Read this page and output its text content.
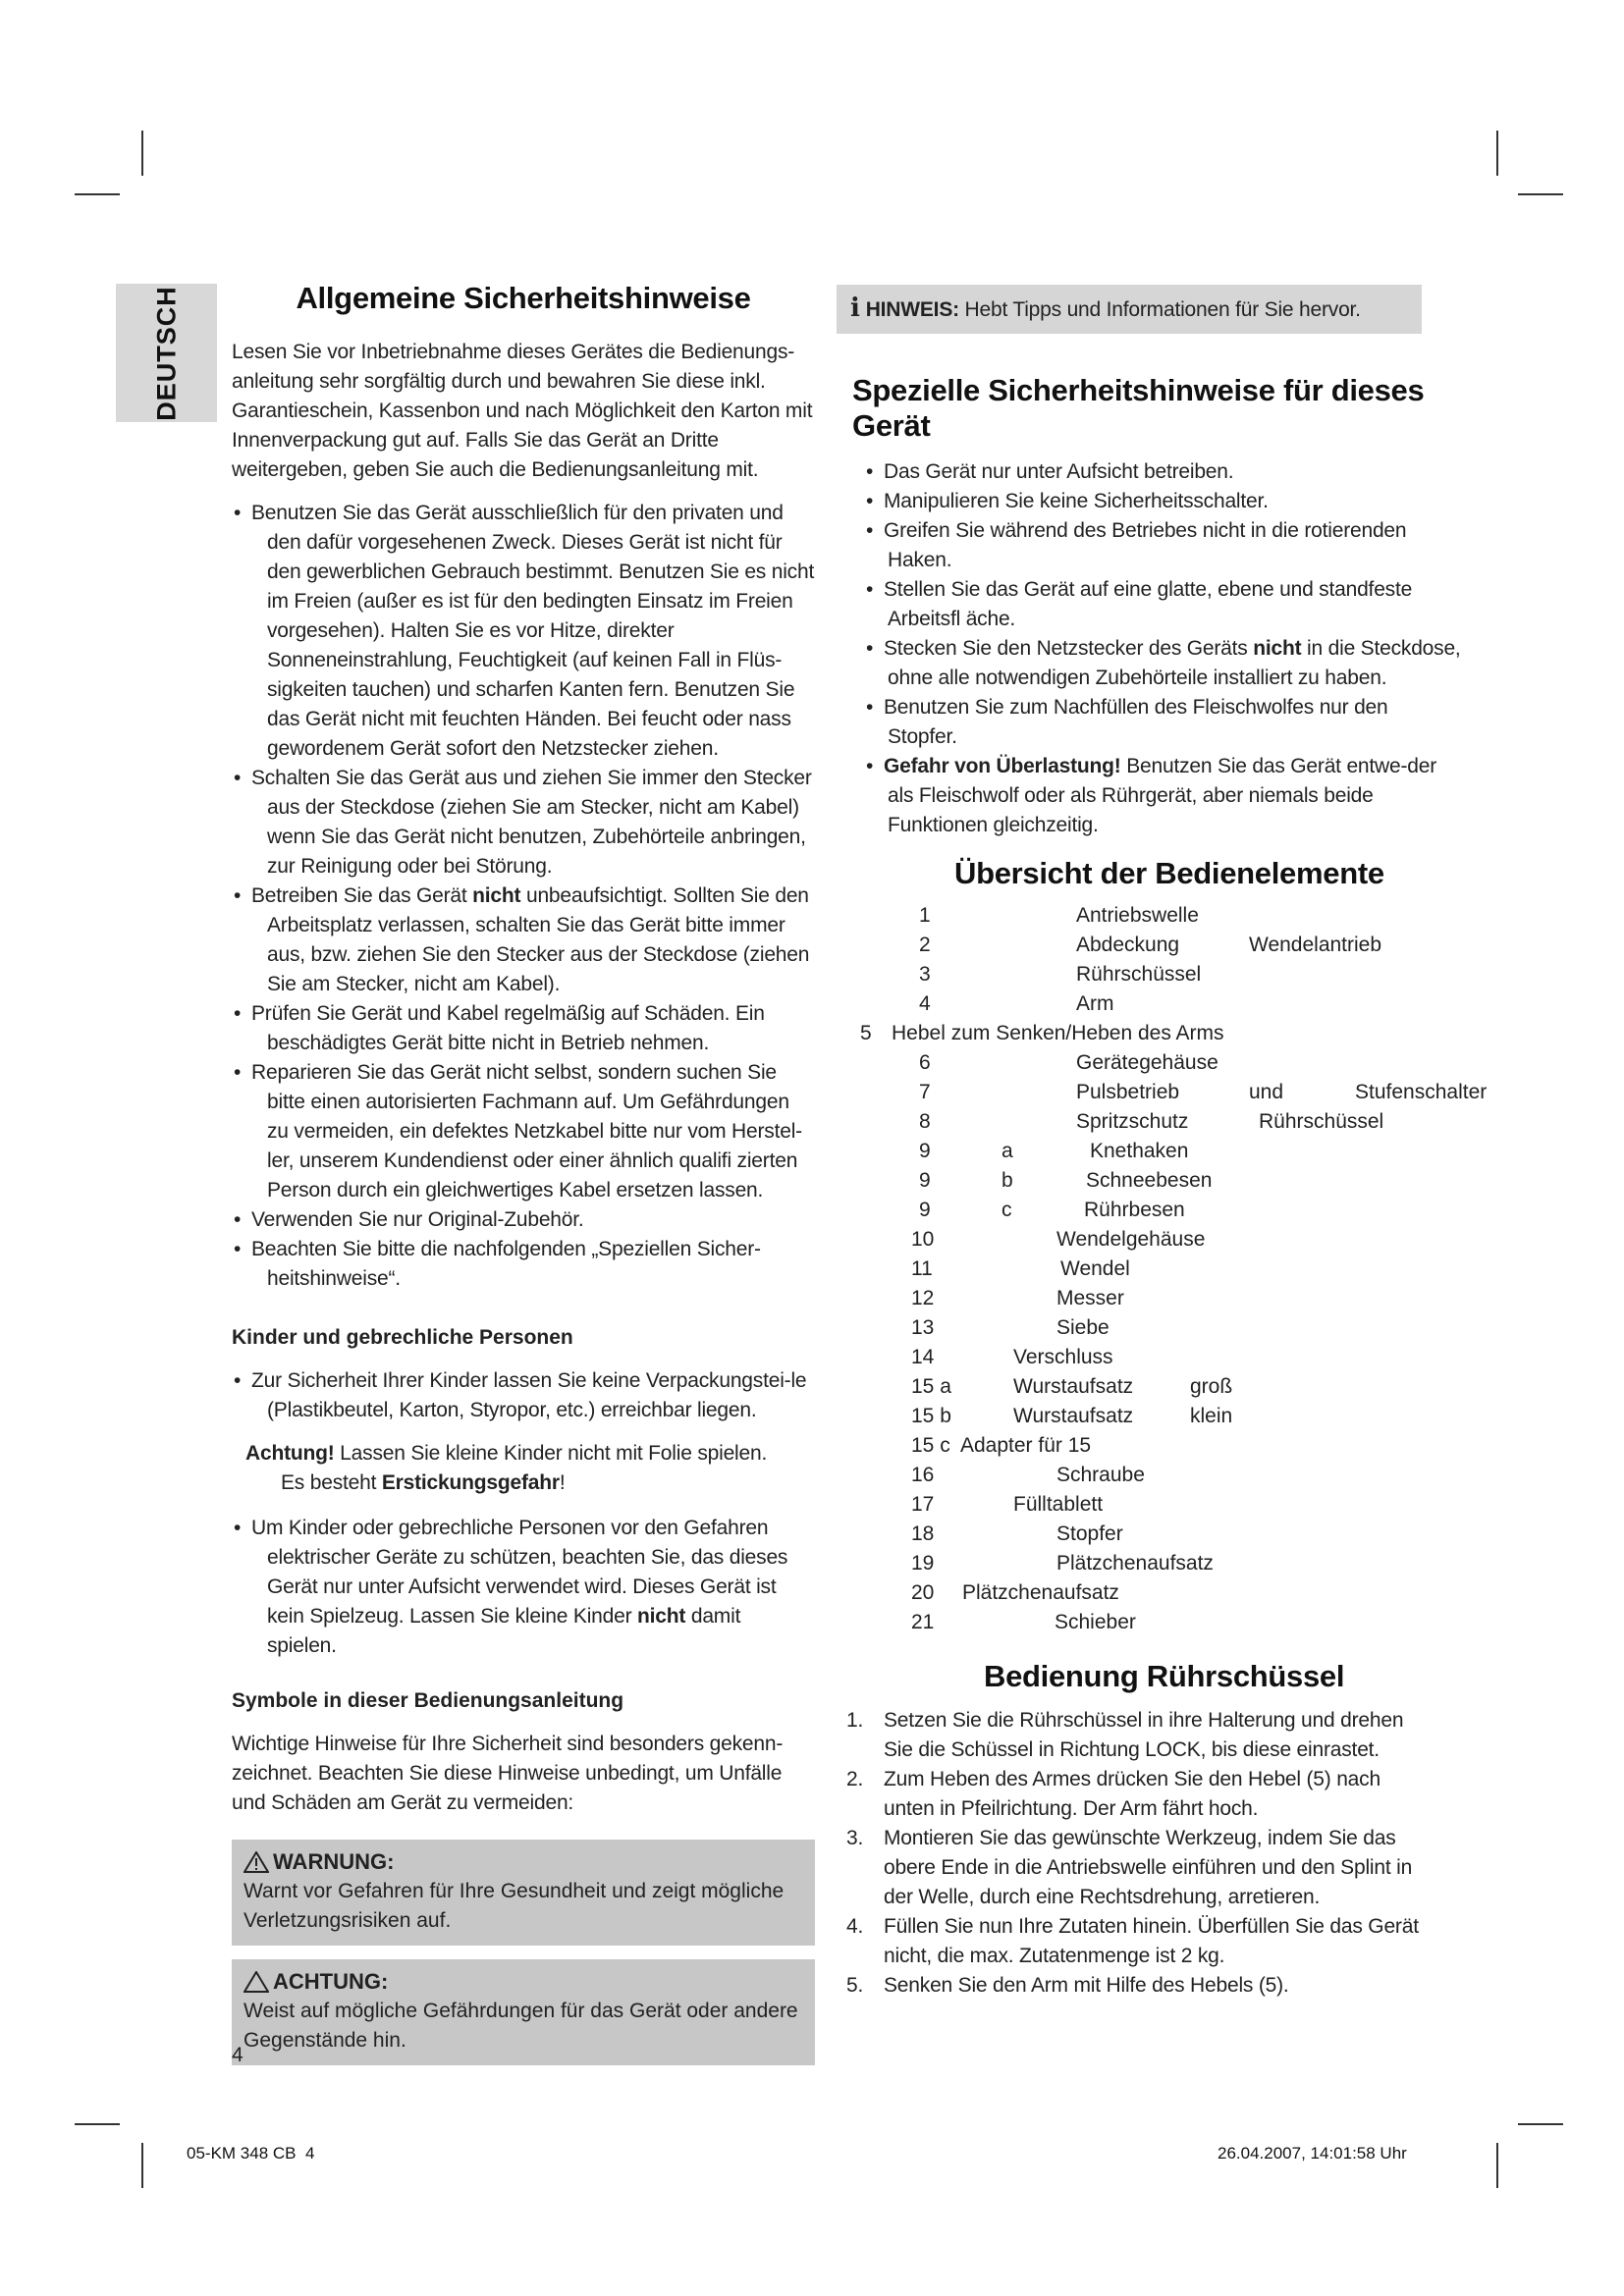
DEUTSCH	Allgemeine Sicherheitshinweise

Lesen Sie vor Inbetriebnahme dieses Gerätes die Bedienungs-anleitung sehr sorgfältig durch und bewahren Sie diese inkl. Garantieschein, Kassenbon und nach Möglichkeit den Karton mit Innenverpackung gut auf. Falls Sie das Gerät an Dritte weitergeben, geben Sie auch die Bedienungsanleitung mit.

• Benutzen Sie das Gerät ausschließlich für den privaten und den dafür vorgesehenen Zweck. Dieses Gerät ist nicht für den gewerblichen Gebrauch bestimmt. Benutzen Sie es nicht im Freien (außer es ist für den bedingten Einsatz im Freien vorgesehen). Halten Sie es vor Hitze, direkter Sonneneinstrahlung, Feuchtigkeit (auf keinen Fall in Flüs-sigkeiten tauchen) und scharfen Kanten fern. Benutzen Sie das Gerät nicht mit feuchten Händen. Bei feucht oder nass gewordenem Gerät sofort den Netzstecker ziehen.
• Schalten Sie das Gerät aus und ziehen Sie immer den Stecker aus der Steckdose (ziehen Sie am Stecker, nicht am Kabel) wenn Sie das Gerät nicht benutzen, Zubehörteile anbringen, zur Reinigung oder bei Störung.
• Betreiben Sie das Gerät nicht unbeaufsichtigt. Sollten Sie den Arbeitsplatz verlassen, schalten Sie das Gerät bitte immer aus, bzw. ziehen Sie den Stecker aus der Steckdose (ziehen Sie am Stecker, nicht am Kabel).
• Prüfen Sie Gerät und Kabel regelmäßig auf Schäden. Ein beschädigtes Gerät bitte nicht in Betrieb nehmen.
• Reparieren Sie das Gerät nicht selbst, sondern suchen Sie bitte einen autorisierten Fachmann auf. Um Gefährdungen zu vermeiden, ein defektes Netzkabel bitte nur vom Herstel-ler, unserem Kundendienst oder einer ähnlich qualifi zierten Person durch ein gleichwertiges Kabel ersetzen lassen.
• Verwenden Sie nur Original-Zubehör.
• Beachten Sie bitte die nachfolgenden „Speziellen Sicher-heitshinweise“.
Kinder und gebrechliche Personen
• Zur Sicherheit Ihrer Kinder lassen Sie keine Verpackungstei-le (Plastikbeutel, Karton, Styropor, etc.) erreichbar liegen.

Achtung! Lassen Sie kleine Kinder nicht mit Folie spielen.
Es besteht Erstickungsgefahr!

• Um Kinder oder gebrechliche Personen vor den Gefahren elektrischer Geräte zu schützen, beachten Sie, das dieses Gerät nur unter Aufsicht verwendet wird. Dieses Gerät ist kein Spielzeug. Lassen Sie kleine Kinder nicht damit spielen.
Symbole in dieser Bedienungsanleitung

Wichtige Hinweise für Ihre Sicherheit sind besonders gekenn-zeichnet. Beachten Sie diese Hinweise unbedingt, um Unfälle und Schäden am Gerät zu vermeiden:

WARNUNG:
Warnt vor Gefahren für Ihre Gesundheit und zeigt mögliche Verletzungsrisiken auf.
ACHTUNG:
Weist auf mögliche Gefährdungen für das Gerät oder andere Gegenstände hin.
4
i HINWEIS: Hebt Tipps und Informationen für Sie hervor.
Spezielle Sicherheitshinweise für dieses Gerät
• Das Gerät nur unter Aufsicht betreiben.
• Manipulieren Sie keine Sicherheitsschalter.
• Greifen Sie während des Betriebes nicht in die rotierenden Haken.
• Stellen Sie das Gerät auf eine glatte, ebene und standfeste Arbeitsfl äche.
• Stecken Sie den Netzstecker des Geräts nicht in die Steckdose, ohne alle notwendigen Zubehörteile installiert zu haben.
• Benutzen Sie zum Nachfüllen des Fleischwolfes nur den Stopfer.
• Gefahr von Überlastung! Benutzen Sie das Gerät entwe-der als Fleischwolf oder als Rührgerät, aber niemals beide Funktionen gleichzeitig.
Übersicht der Bedienelemente
1	Antriebswelle
2	Abdeckung	Wendelantrieb
3	Rührschüssel
4	Arm
5 Hebel zum Senken/Heben des Arms
6	Gerätegehäuse
7	Pulsbetrieb	und	Stufenschalter
8	Spritzschutz	Rührschüssel
9	a	Knethaken
9	b	Schneebesen
9	c	Rührbesen
10	Wendelgehäuse
11	Wendel
12	Messer
13	Siebe
14	Verschluss
15 a	Wurstaufsatz	groß
15 b	Wurstaufsatz	klein
15 c Adapter für 15
16	Schraube
17	Fülltablett
18	Stopfer
19	Plätzchenaufsatz
20 Plätzchenaufsatz
21	Schieber
Bedienung Rührschüssel
1. Setzen Sie die Rührschüssel in ihre Halterung und drehen Sie die Schüssel in Richtung LOCK, bis diese einrastet.
2. Zum Heben des Armes drücken Sie den Hebel (5) nach unten in Pfeilrichtung. Der Arm fährt hoch.
3. Montieren Sie das gewünschte Werkzeug, indem Sie das obere Ende in die Antriebswelle einführen und den Splint in der Welle, durch eine Rechtsdrehung, arretieren.
4. Füllen Sie nun Ihre Zutaten hinein. Überfüllen Sie das Gerät nicht, die max. Zutatenmenge ist 2 kg.
5. Senken Sie den Arm mit Hilfe des Hebels (5).
05-KM 348 CB  4	26.04.2007, 14:01:58 Uhr
